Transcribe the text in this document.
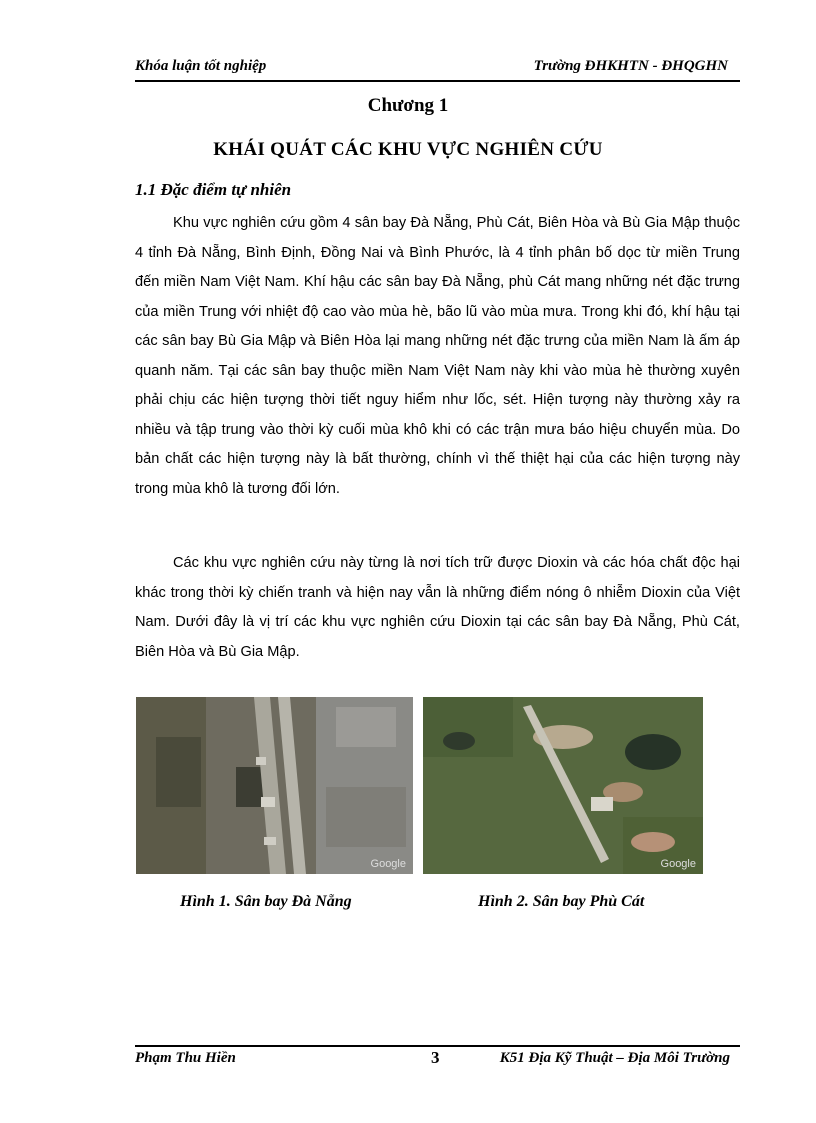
Khóa luận tốt nghiệp	Trường ĐHKHTN - ĐHQGHN
Chương 1
KHÁI QUÁT CÁC KHU VỰC NGHIÊN CỨU
1.1 Đặc điểm tự nhiên

Khu vực nghiên cứu gồm 4 sân bay Đà Nẵng, Phù Cát, Biên Hòa và Bù Gia Mập thuộc 4 tỉnh Đà Nẵng, Bình Định, Đồng Nai và Bình Phước, là 4 tỉnh phân bố dọc từ miền Trung đến miền Nam Việt Nam. Khí hậu các sân bay Đà Nẵng, phù Cát mang những nét đặc trưng của miền Trung với nhiệt độ cao vào mùa hè, bão lũ vào mùa mưa. Trong khi đó, khí hậu tại các sân bay Bù Gia Mập và Biên Hòa lại mang những nét đặc trưng của miền Nam là ấm áp quanh năm. Tại các sân bay thuộc miền Nam Việt Nam này khi vào mùa hè thường xuyên phải chịu các hiện tượng thời tiết nguy hiểm như lốc, sét. Hiện tượng này thường xảy ra nhiều và tập trung vào thời kỳ cuối mùa khô khi có các trận mưa báo hiệu chuyển mùa. Do bản chất các hiện tượng này là bất thường, chính vì thế thiệt hại của các hiện tượng này trong mùa khô là tương đối lớn.

Các khu vực nghiên cứu này từng là nơi tích trữ được Dioxin và các hóa chất độc hại khác trong thời kỳ chiến tranh và hiện nay vẫn là những điểm nóng ô nhiễm Dioxin của Việt Nam. Dưới đây là vị trí các khu vực nghiên cứu Dioxin tại các sân bay Đà Nẵng, Phù Cát, Biên Hòa và Bù Gia Mập.

Google	Google
Hình 1. Sân bay Đà Nẵng	Hình 2. Sân bay Phù Cát
Phạm Thu Hiền	3	K51 Địa Kỹ Thuật – Địa Môi Trường
